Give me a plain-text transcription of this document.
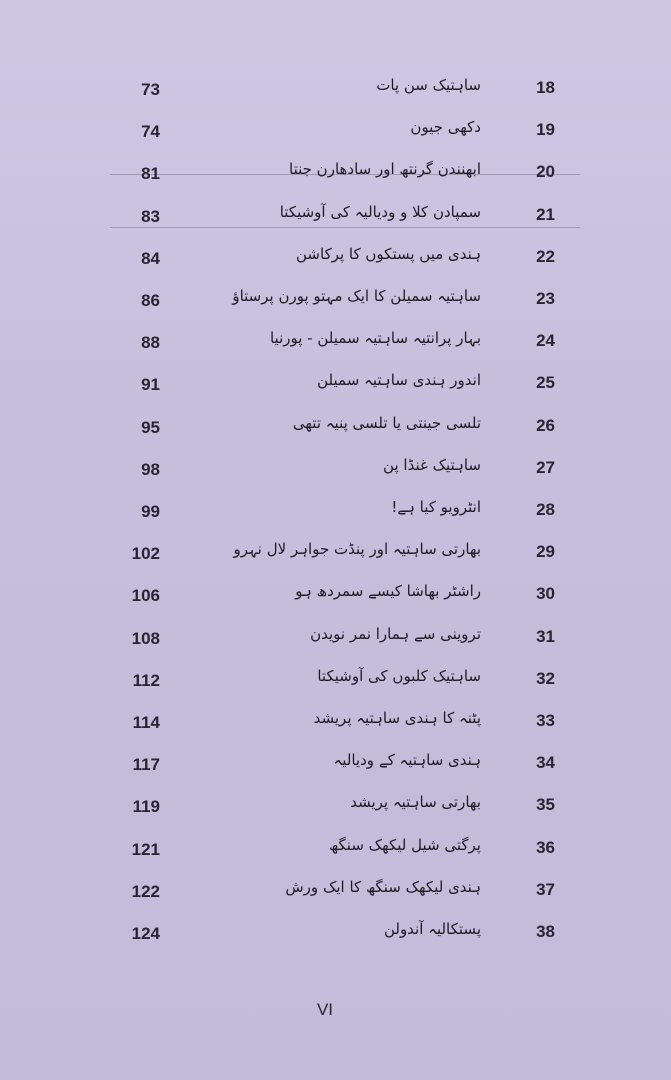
73	ساہتیک سن پات	18
74	دکھی جیون	19
81	ابھنندن گرنتھ اور سادھارن جنتا	20
83	سمپادن کلا و ودیالیہ کی آوشیکتا	21
84	ہندی میں پستکوں کا پرکاشن	22
86	ساہتیہ سمیلن کا ایک مہتو پورن پرستاؤ	23
88	بہار پرانتیہ ساہتیہ سمیلن - پورنیا	24
91	اندور ہندی ساہتیہ سمیلن	25
95	تلسی جینتی یا تلسی پنیہ تتھی	26
98	ساہتیک غنڈا پن	27
99	انٹرویو کیا ہے!	28
102	بھارتی ساہتیہ اور پنڈت جواہر لال نہرو	29
106	راشٹر بھاشا کیسے سمردھ ہو	30
108	تروینی سے ہمارا نمر نویدن	31
112	ساہتیک کلبوں کی آوشیکتا	32
114	پٹنہ کا ہندی ساہتیہ پریشد	33
117	ہندی ساہتیہ کے ودیالیہ	34
119	بھارتی ساہتیہ پریشد	35
121	پرگتی شیل لیکھک سنگھ	36
122	ہندی لیکھک سنگھ کا ایک ورش	37
124	پستکالیہ آندولن	38
VI
